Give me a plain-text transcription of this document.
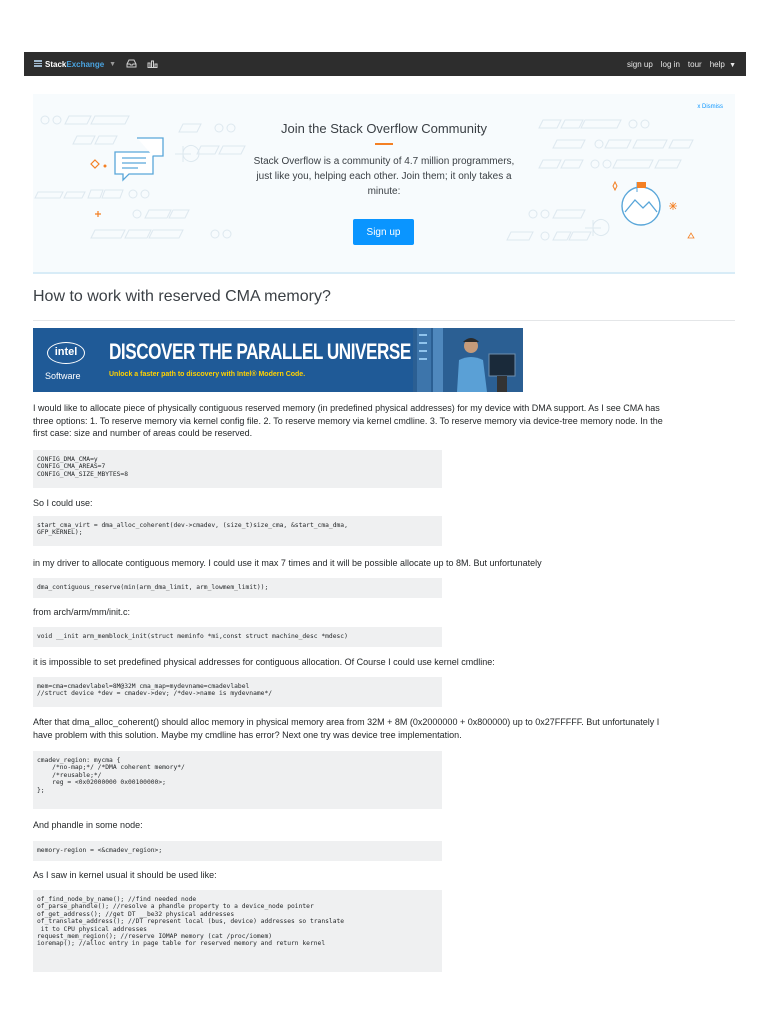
Stack Exchange ▼	sign up log in tour help ▼
x Dismiss
Join the Stack Overflow Community
Stack Overflow is a community of 4.7 million programmers, just like you, helping each other. Join them; it only takes a minute:
Sign up
How to work with reserved CMA memory?
intel
Software
DISCOVER THE PARALLEL UNIVERSE
Unlock a faster path to discovery with Intel® Modern Code.
I would like to allocate piece of physically contiguous reserved memory (in predefined physical addresses) for my device with DMA support. As I see CMA has three options: 1. To reserve memory via kernel config file. 2. To reserve memory via kernel cmdline. 3. To reserve memory via device-tree memory node. In the first case: size and number of areas could be reserved.
CONFIG_DMA_CMA=y
CONFIG_CMA_AREAS=7
CONFIG_CMA_SIZE_MBYTES=8
So I could use:
start_cma_virt = dma_alloc_coherent(dev->cmadev, (size_t)size_cma, &start_cma_dma,
GFP_KERNEL);
in my driver to allocate contiguous memory. I could use it max 7 times and it will be possible allocate up to 8M. But unfortunately
dma_contiguous_reserve(min(arm_dma_limit, arm_lowmem_limit));
from arch/arm/mm/init.c:
void __init arm_memblock_init(struct meminfo *mi,const struct machine_desc *mdesc)
it is impossible to set predefined physical addresses for contiguous allocation. Of Course I could use kernel cmdline:
mem=cma=cmadevlabel=8M@32M cma_map=mydevname=cmadevlabel
//struct device *dev = cmadev->dev; /*dev->name is mydevname*/
After that dma_alloc_coherent() should alloc memory in physical memory area from 32M + 8M (0x2000000 + 0x800000) up to 0x27FFFFF. But unfortunately I have problem with this solution. Maybe my cmdline has error? Next one try was device tree implementation.
cmadev_region: mycma {
/*no-map;*/ /*DMA coherent memory*/
/*reusable;*/
reg = <0x02000000 0x00100000>;
};
And phandle in some node:
memory-region = <&cmadev_region>;
As I saw in kernel usual it should be used like:
of_find_node_by_name(); //find needed node
of_parse_phandle(); //resolve a phandle property to a device_node pointer
of_get_address(); //get DT __be32 physical addresses
of_translate_address(); //DT represent local (bus, device) addresses so translate
it to CPU physical addresses
request_mem_region(); //reserve IOMAP memory (cat /proc/iomem)
ioremap(); //alloc entry in page table for reserved memory and return kernel
